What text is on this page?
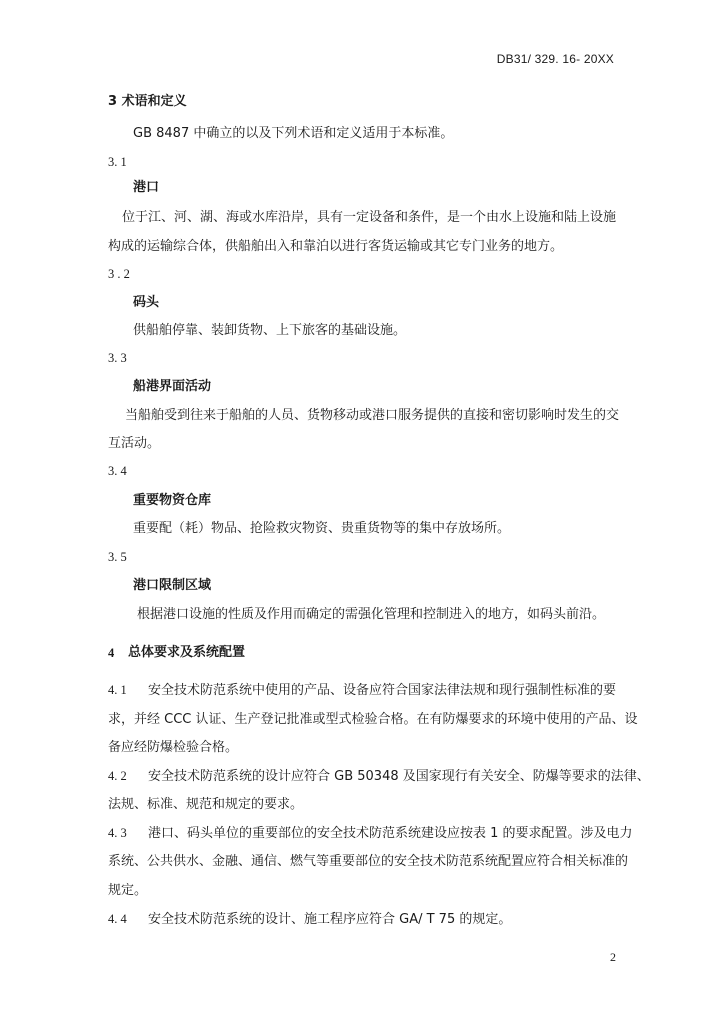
DB31/ 329. 16- 20XX
3 术语和定义
GB 8487 中确立的以及下列术语和定义适用于本标准。
3. 1
港口
位于江、河、湖、海或水库沿岸，具有一定设备和条件，是一个由水上设施和陆上设施
构成的运输综合体，供船舶出入和靠泊以进行客货运输或其它专门业务的地方。
3 . 2
码头
供船舶停靠、装卸货物、上下旅客的基础设施。
3. 3
船港界面活动
当船舶受到往来于船舶的人员、货物移动或港口服务提供的直接和密切影响时发生的交
互活动。
3. 4
重要物资仓库
重要配（耗）物品、抢险救灾物资、贵重货物等的集中存放场所。
3. 5
港口限制区域
根据港口设施的性质及作用而确定的需强化管理和控制进入的地方，如码头前沿。
4 总体要求及系统配置
4. 1 安全技术防范系统中使用的产品、设备应符合国家法律法规和现行强制性标准的要
求，并经 CCC 认证、生产登记批准或型式检验合格。在有防爆要求的环境中使用的产品、设
备应经防爆检验合格。
4. 2 安全技术防范系统的设计应符合 GB 50348 及国家现行有关安全、防爆等要求的法律、
法规、标准、规范和规定的要求。
4. 3 港口、码头单位的重要部位的安全技术防范系统建设应按表 1 的要求配置。涉及电力
系统、公共供水、金融、通信、燃气等重要部位的安全技术防范系统配置应符合相关标准的
规定。
4. 4 安全技术防范系统的设计、施工程序应符合 GA/ T 75 的规定。
2
